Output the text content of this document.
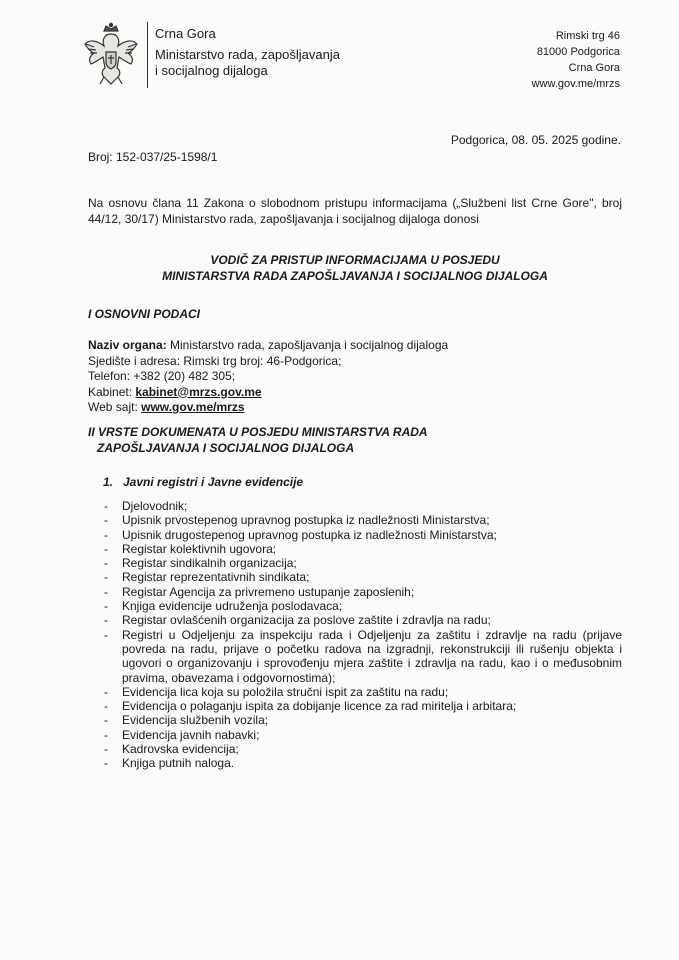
Crna Gora
Ministarstvo rada, zapošljavanja
i socijalnog dijaloga
Rimski trg 46
81000 Podgorica
Crna Gora
www.gov.me/mrzs
Podgorica, 08. 05. 2025 godine.
Broj: 152-037/25-1598/1
Na osnovu člana 11 Zakona o slobodnom pristupu informacijama („Službeni list Crne Gore", broj 44/12, 30/17) Ministarstvo rada, zapošljavanja i socijalnog dijaloga donosi
VODIČ ZA PRISTUP INFORMACIJAMA U POSJEDU
MINISTARSTVA RADA ZAPOŠLJAVANJA I SOCIJALNOG DIJALOGA
I OSNOVNI PODACI
Naziv organa: Ministarstvo rada, zapošljavanja i socijalnog dijaloga
Sjedište i adresa: Rimski trg broj: 46-Podgorica;
Telefon: +382 (20) 482 305;
Kabinet: kabinet@mrzs.gov.me
Web sajt: www.gov.me/mrzs
II VRSTE DOKUMENATA U POSJEDU MINISTARSTVA RADA
ZAPOŠLJAVANJA I SOCIJALNOG DIJALOGA
1. Javni registri i Javne evidencije
- Djelovodnik;
- Upisnik prvostepenog upravnog postupka iz nadležnosti Ministarstva;
- Upisnik drugostepenog upravnog postupka iz nadležnosti Ministarstva;
- Registar kolektivnih ugovora;
- Registar sindikalnih organizacija;
- Registar reprezentativnih sindikata;
- Registar Agencija za privremeno ustupanje zaposlenih;
- Knjiga evidencije udruženja poslodavaca;
- Registar ovlašćenih organizacija za poslove zaštite i zdravlja na radu;
- Registri u Odjeljenju za inspekciju rada i Odjeljenju za zaštitu i zdravlje na radu (prijave povreda na radu, prijave o početku radova na izgradnji, rekonstrukciji ili rušenju objekta i ugovori o organizovanju i sprovođenju mjera zaštite i zdravlja na radu, kao i o međusobnim pravima, obavezama i odgovornostima);
- Evidencija lica koja su položila stručni ispit za zaštitu na radu;
- Evidencija o polaganju ispita za dobijanje licence za rad miritelja i arbitara;
- Evidencija službenih vozila;
- Evidencija javnih nabavki;
- Kadrovska evidencija;
- Knjiga putnih naloga.
